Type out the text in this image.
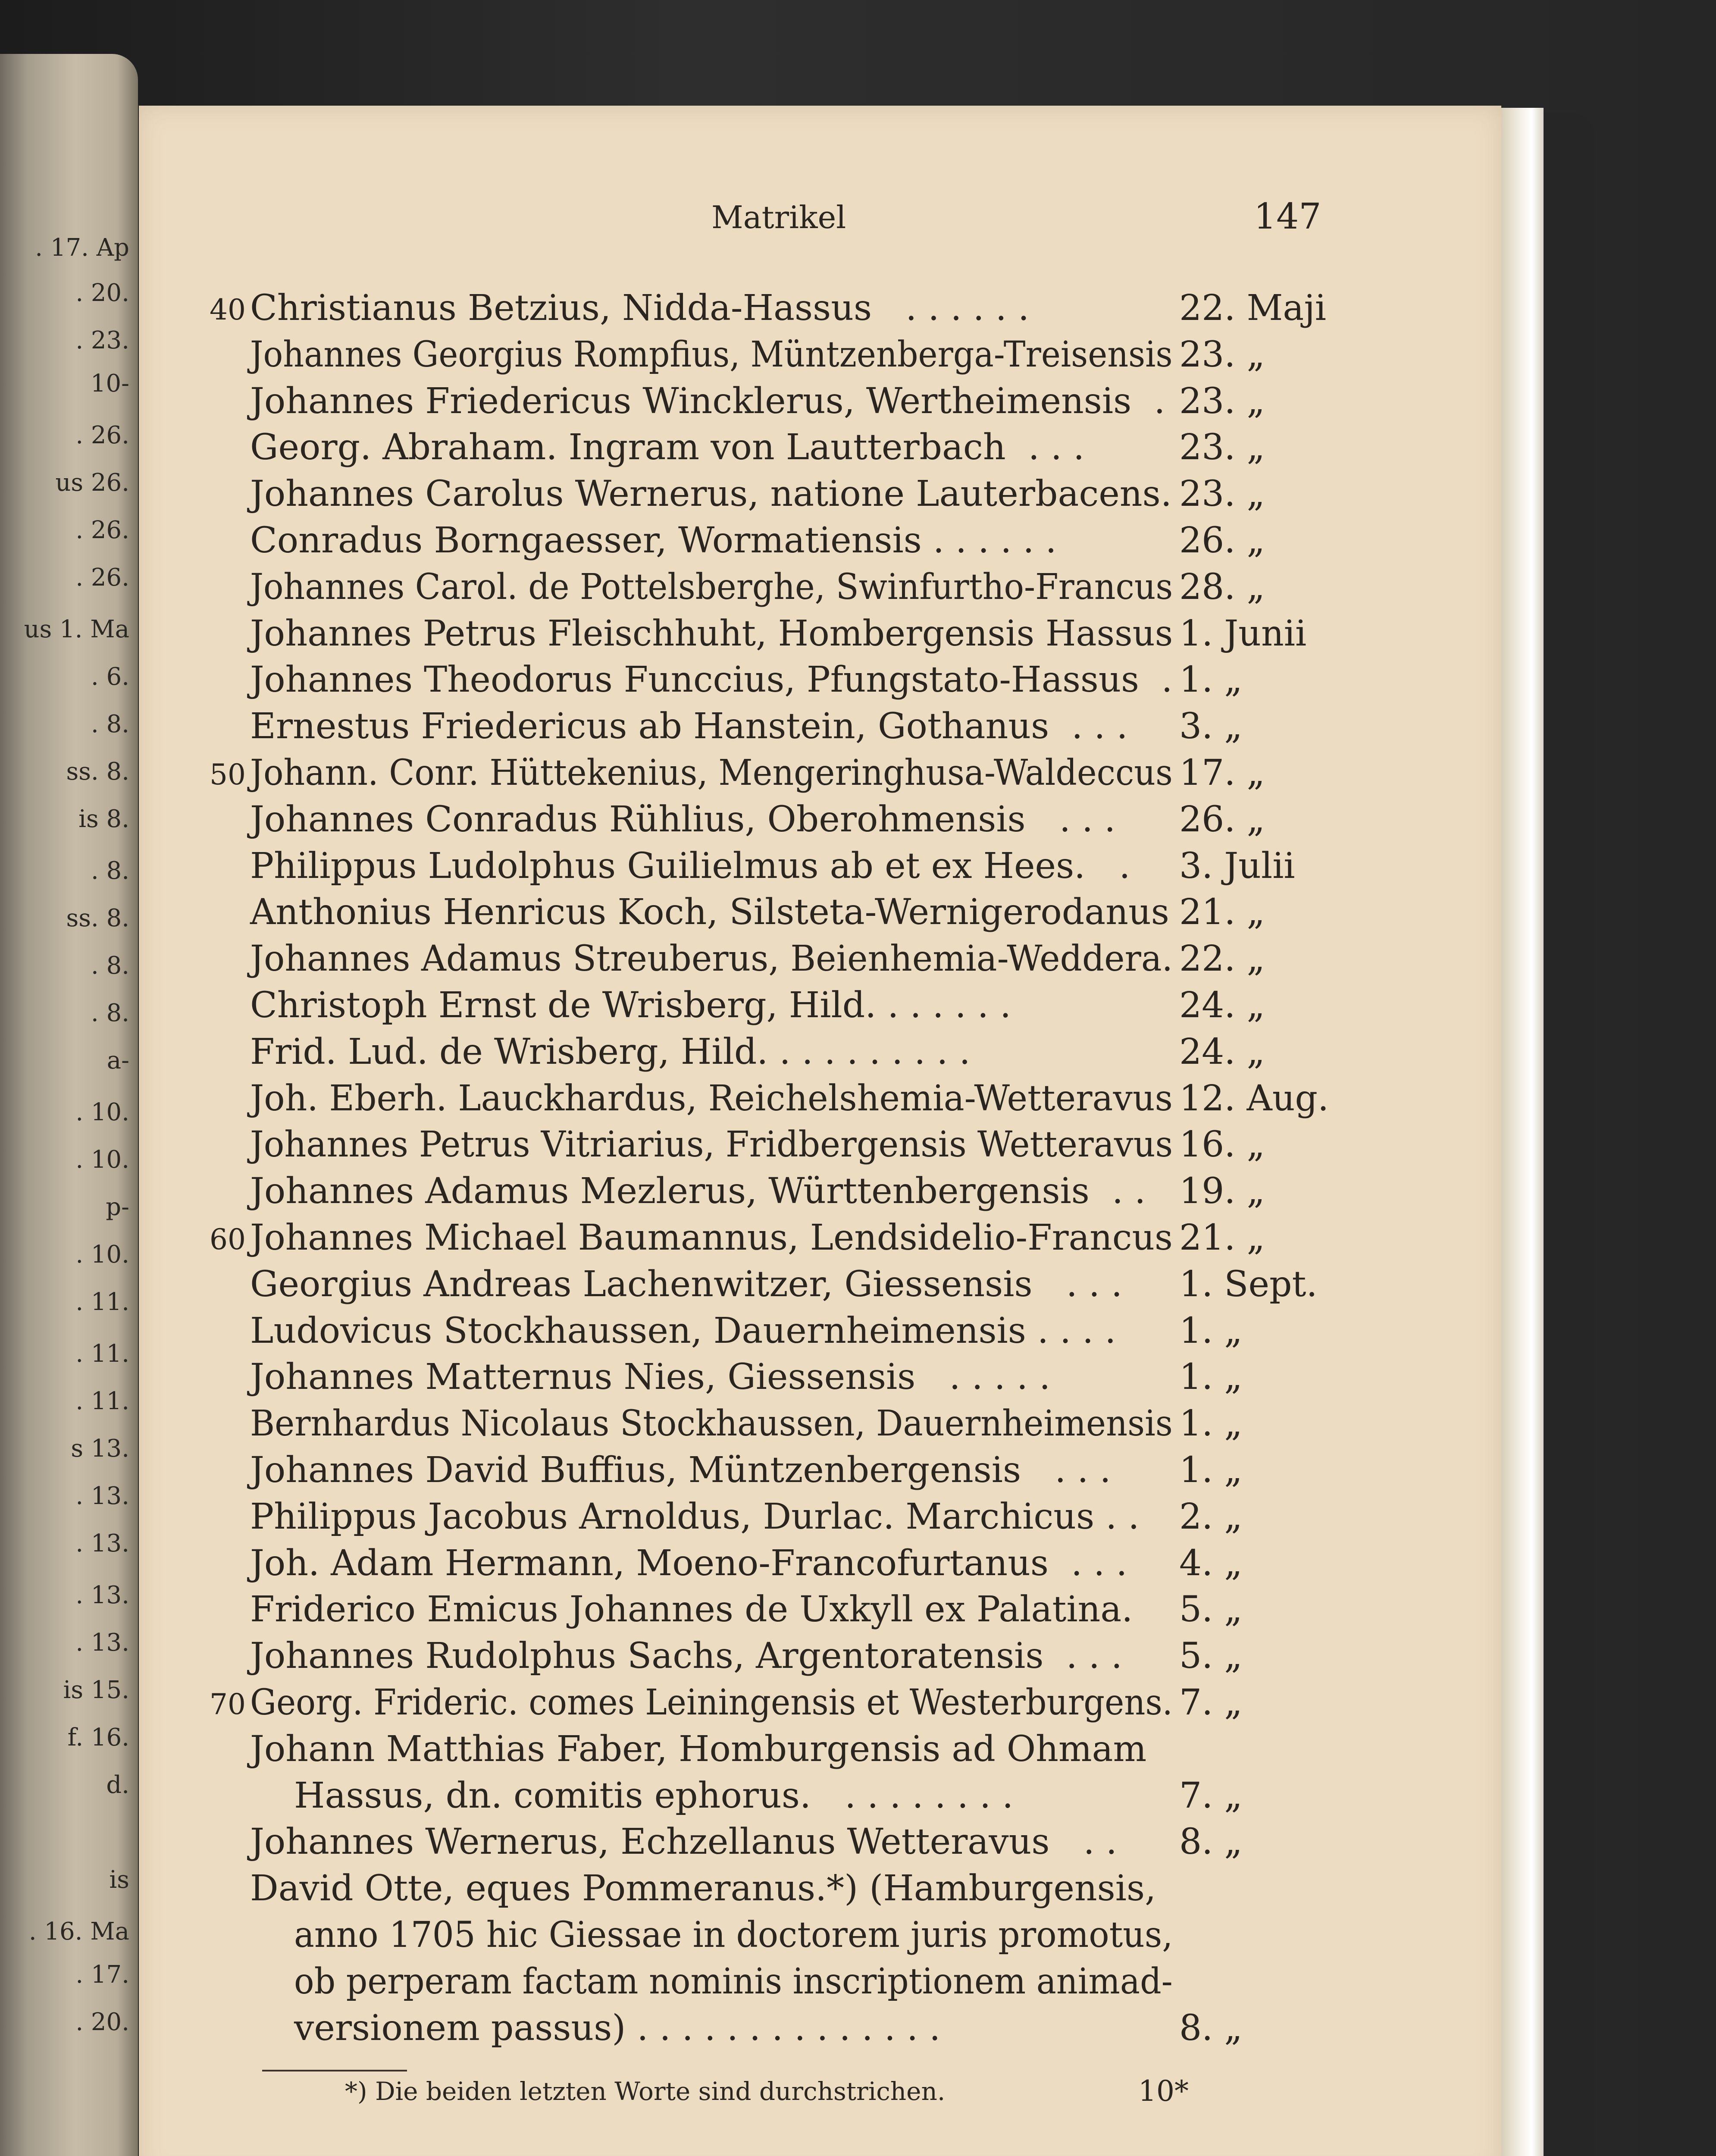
. 17. Ap
. 20.
. 23.
10-
. 26.
us 26.
. 26.
. 26.
us 1. Ma
. 6.
. 8.
ss. 8.
is 8.
. 8.
ss. 8.
. 8.
. 8.
a-
. 10.
. 10.
p-
. 10.
. 11.
. 11.
. 11.
s 13.
. 13.
. 13.
. 13.
. 13.
is 15.
f. 16.
d.
is
. 16. Ma
. 17.
. 20.
Matrikel	147
40 Christianus Betzius, Nidda-Hassus   . . . . . .	22. Maji
Johannes Georgius Rompfius, Müntzenberga-Treisensis 23. „
Johannes Friedericus Wincklerus, Wertheimensis  . 23. „
Georg. Abraham. Ingram von Lautterbach  . . .	23. „
Johannes Carolus Wernerus, natione Lauterbacens. 23. „
Conradus Borngaesser, Wormatiensis . . . . . .	26. „
Johannes Carol. de Pottelsberghe, Swinfurtho-Francus 28. „
Johannes Petrus Fleischhuht, Hombergensis Hassus 1. Junii
Johannes Theodorus Funccius, Pfungstato-Hassus  . 1. „
Ernestus Friedericus ab Hanstein, Gothanus  . . . 3. „
50 Johann. Conr. Hüttekenius, Mengeringhusa-Waldeccus 17. „
Johannes Conradus Rühlius, Oberohmensis   . . . 26. „
Philippus Ludolphus Guilielmus ab et ex Hees.   . 3. Julii
Anthonius Henricus Koch, Silsteta-Wernigerodanus 21. „
Johannes Adamus Streuberus, Beienhemia-Weddera. 22. „
Christoph Ernst de Wrisberg, Hild. . . . . . .	24. „
Frid. Lud. de Wrisberg, Hild. . . . . . . . . .	24. „
Joh. Eberh. Lauckhardus, Reichelshemia-Wetteravus 12. Aug.
Johannes Petrus Vitriarius, Fridbergensis Wetteravus 16. „
Johannes Adamus Mezlerus, Württenbergensis  . . 19. „
60 Johannes Michael Baumannus, Lendsidelio-Francus 21. „
Georgius Andreas Lachenwitzer, Giessensis   . . . 1. Sept.
Ludovicus Stockhaussen, Dauernheimensis . . . . 1. „
Johannes Matternus Nies, Giessensis   . . . . .	1. „
Bernhardus Nicolaus Stockhaussen, Dauernheimensis 1. „
Johannes David Buffius, Müntzenbergensis   . . . 1. „
Philippus Jacobus Arnoldus, Durlac. Marchicus . . 2. „
Joh. Adam Hermann, Moeno-Francofurtanus  . . . 4. „
Friderico Emicus Johannes de Uxkyll ex Palatina. 5. „
Johannes Rudolphus Sachs, Argentoratensis  . . . 5. „
70 Georg. Frideric. comes Leiningensis et Westerburgens. 7. „
Johann Matthias Faber, Homburgensis ad Ohmam
Hassus, dn. comitis ephorus.   . . . . . . . .	7. „
Johannes Wernerus, Echzellanus Wetteravus   . . 8. „
David Otte, eques Pommeranus.*) (Hamburgensis,
anno 1705 hic Giessae in doctorem juris promotus,
ob perperam factam nominis inscriptionem animad-
versionem passus) . . . . . . . . . . . . . .	8. „
*) Die beiden letzten Worte sind durchstrichen.	10*
